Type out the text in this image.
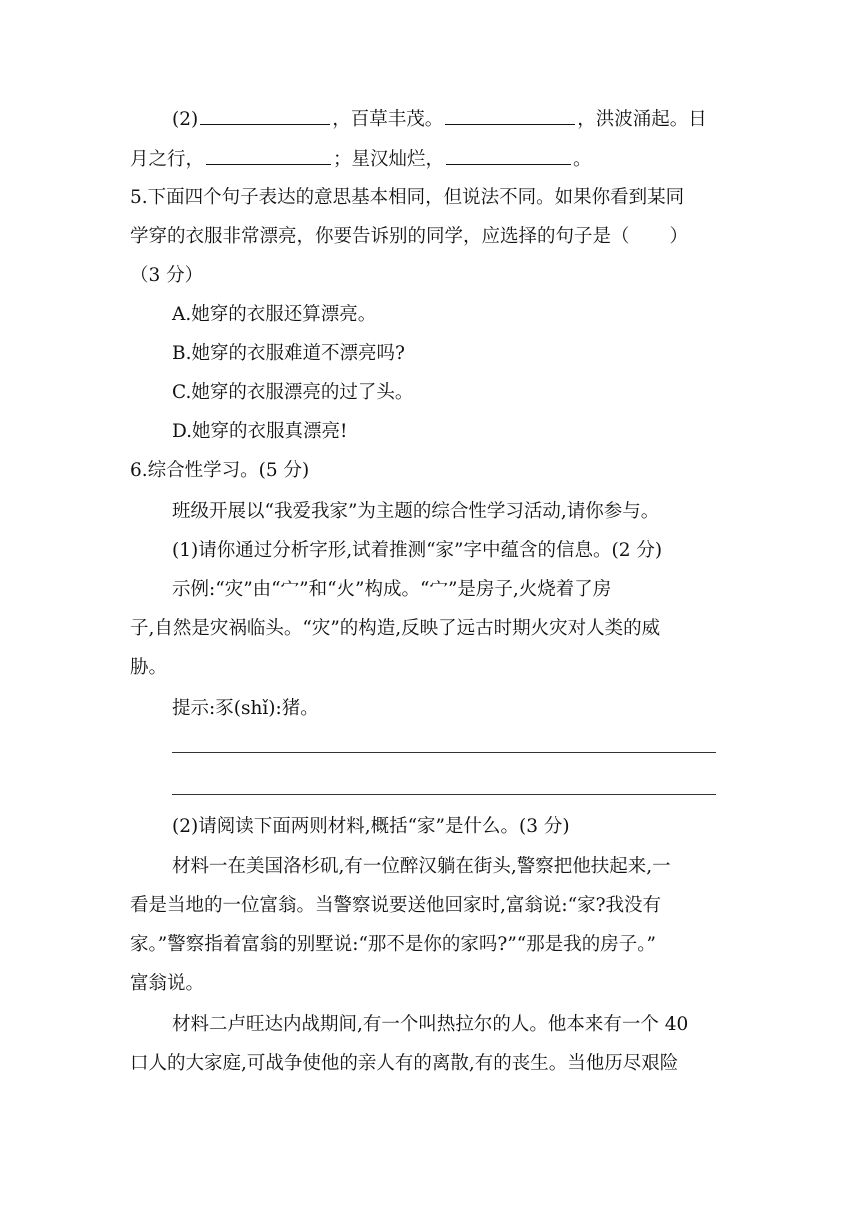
(2)	，百草丰茂。	，洪波涌起。日
月之行，	；星汉灿烂，	。
5.下面四个句子表达的意思基本相同，但说法不同。如果你看到某同
学穿的衣服非常漂亮，你要告诉别的同学，应选择的句子是（ ）
（3 分）
A.她穿的衣服还算漂亮。
B.她穿的衣服难道不漂亮吗?
C.她穿的衣服漂亮的过了头。
D.她穿的衣服真漂亮!
6.综合性学习。(5 分)
班级开展以“我爱我家”为主题的综合性学习活动,请你参与。
(1)请你通过分析字形,试着推测“家”字中蕴含的信息。(2 分)
示例:“灾”由“宀”和“火”构成。“宀”是房子,火烧着了房
子,自然是灾祸临头。“灾”的构造,反映了远古时期火灾对人类的威
胁。
提示:豕(shǐ):猪。
(2)请阅读下面两则材料,概括“家”是什么。(3 分)
材料一在美国洛杉矶,有一位醉汉躺在街头,警察把他扶起来,一
看是当地的一位富翁。当警察说要送他回家时,富翁说:“家?我没有
家。”警察指着富翁的别墅说:“那不是你的家吗?”“那是我的房子。”
富翁说。
材料二卢旺达内战期间,有一个叫热拉尔的人。他本来有一个 40
口人的大家庭,可战争使他的亲人有的离散,有的丧生。当他历尽艰险
